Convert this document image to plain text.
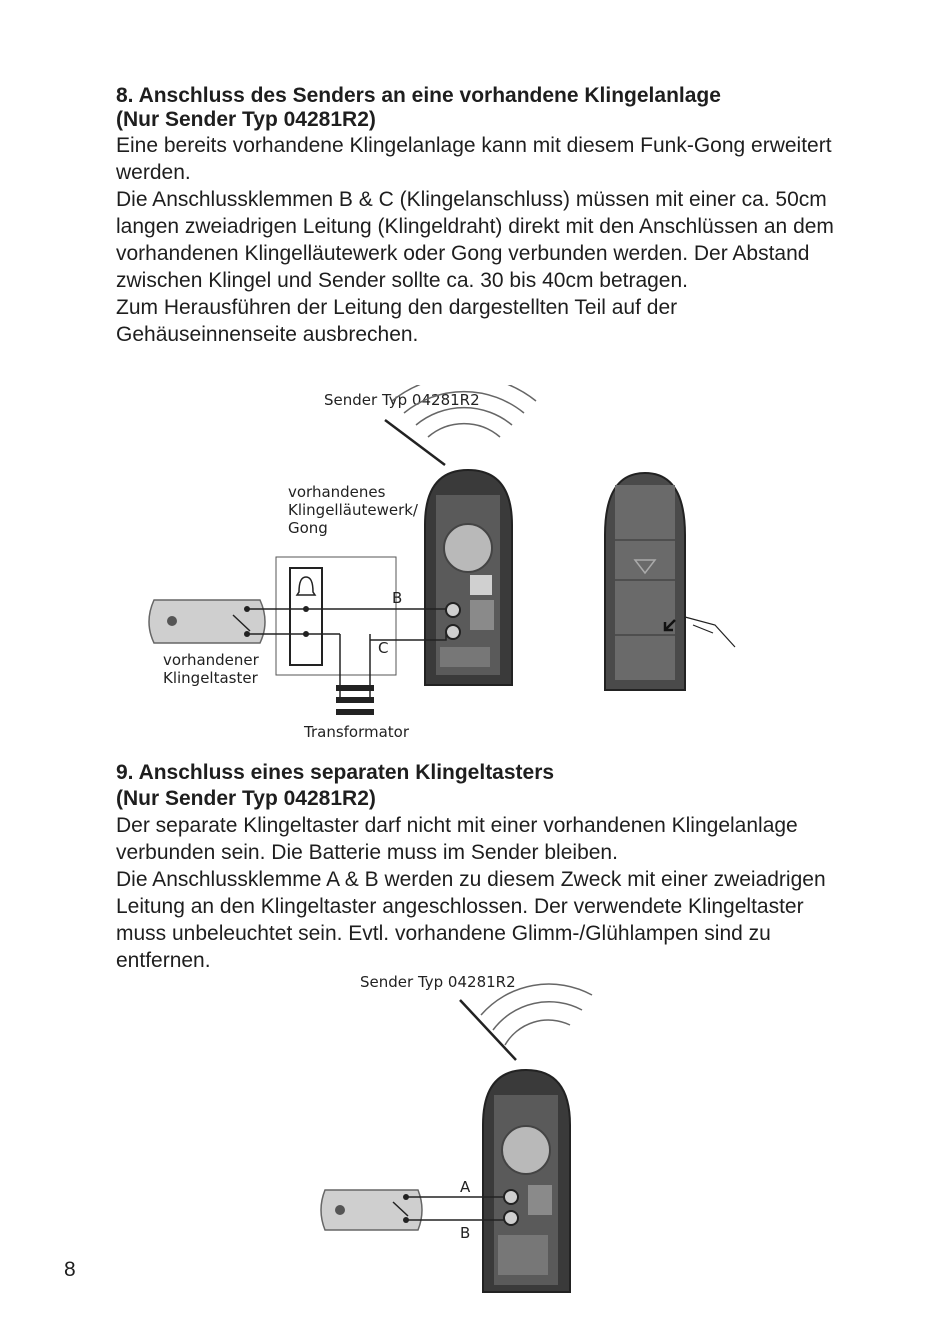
8. Anschluss des Senders an eine vorhandene Klingelanlage
(Nur Sender Typ 04281R2)

Eine bereits vorhandene Klingelanlage kann mit diesem Funk-Gong erweitert werden.

Die Anschlussklemmen B & C (Klingelanschluss) müssen mit einer ca. 50cm langen zweiadrigen Leitung (Klingeldraht) direkt mit den Anschlüssen an dem vorhandenen Klingelläutewerk oder Gong verbunden werden. Der Abstand zwischen Klingel und Sender sollte ca. 30 bis 40cm betragen.

Zum Herausführen der Leitung den dargestellten Teil auf der Gehäuseinnenseite ausbrechen.

Sender Typ 04281R2
vorhandenes
Klingelläutewerk/
Gong
vorhandener
Klingeltaster
B
C
Transformator

9. Anschluss eines separaten Klingeltasters
(Nur Sender Typ 04281R2)

Der separate Klingeltaster darf nicht mit einer vorhandenen Klingelanlage verbunden sein. Die Batterie muss im Sender bleiben.

Die Anschlussklemme A & B werden zu diesem Zweck mit einer zweiadrigen Leitung an den Klingeltaster angeschlossen. Der verwendete Klingeltaster muss unbeleuchtet sein. Evtl. vorhandene Glimm-/Glühlampen sind zu entfernen.

Sender Typ 04281R2
A
B
8
